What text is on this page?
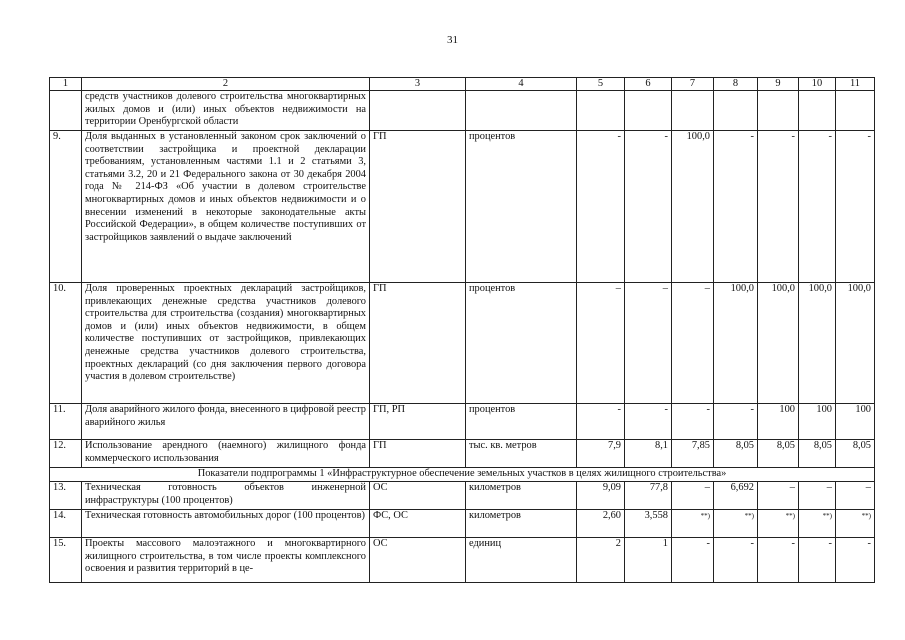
31
1	2	3	4	5	6	7	8	9	10	11
	средств участников долевого строительства многоквартирных жилых домов и (или) иных объектов недвижимости на территории Оренбургской области									
9.	Доля выданных в установленный законом срок заключений о соответствии застройщика и проектной декларации требованиям, установленным частями 1.1 и 2 статьями 3, статьями 3.2, 20 и 21 Федерального закона от 30 декабря 2004 года № 214-ФЗ «Об участии в долевом строительстве многоквартирных домов и иных объектов недвижимости и о внесении изменений в некоторые законодательные акты Российской Федерации», в общем количестве поступивших от застройщиков заявлений о выдаче заключений	ГП	процентов	-	-	100,0	-	-	-	-
10.	Доля проверенных проектных деклараций застройщиков, привлекающих денежные средства участников долевого строительства для строительства (создания) многоквартирных домов и (или) иных объектов недвижимости, в общем количестве поступивших от застройщиков, привлекающих денежные средства участников долевого строительства, проектных деклараций (со дня заключения первого договора участия в долевом строительстве)	ГП	процентов	–	–	–	100,0	100,0	100,0	100,0
11.	Доля аварийного жилого фонда, внесенного в цифровой реестр аварийного жилья	ГП, РП	процентов	-	-	-	-	100	100	100
12.	Использование арендного (наемного) жилищного фонда коммерческого использования	ГП	тыс. кв. метров	7,9	8,1	7,85	8,05	8,05	8,05	8,05
Показатели подпрограммы 1 «Инфраструктурное обеспечение земельных участков в целях жилищного строительства»										
13.	Техническая готовность объектов инженерной инфраструктуры (100 процентов)	ОС	километров	9,09	77,8	–	6,692	–	–	–
14.	Техническая готовность автомобильных дорог (100 процентов)	ФС, ОС	километров	2,60	3,558	**)	**)	**)	**)	**)
15.	Проекты массового малоэтажного и многоквартирного жилищного строительства, в том числе проекты комплексного освоения и развития территорий в це-	ОС	единиц	2	1	-	-	-	-	-
